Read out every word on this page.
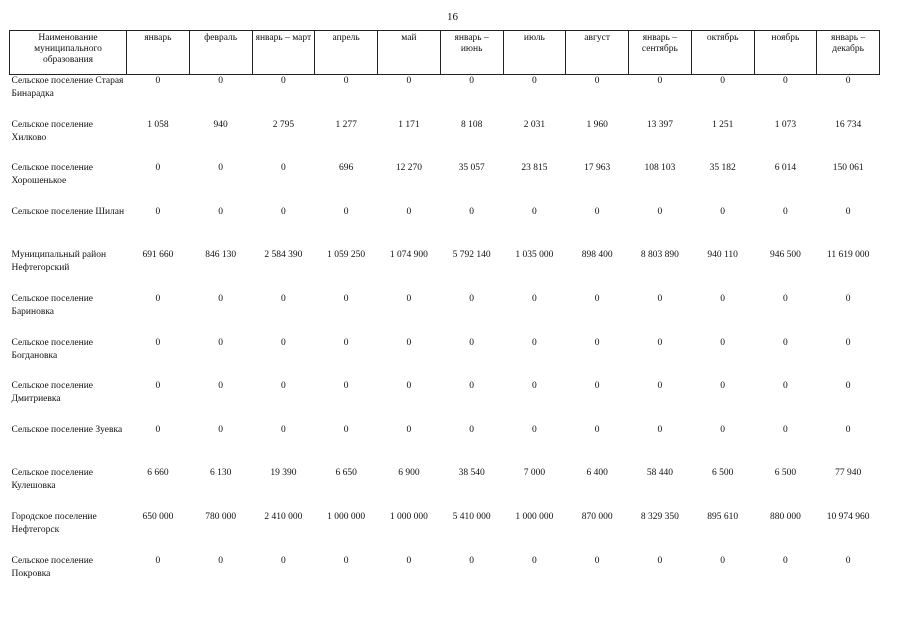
16
Наименование муниципального образования	январь	февраль	январь – март	апрель	май	январь – июнь	июль	август	январь – сентябрь	октябрь	ноябрь	январь – декабрь
Сельское поселение Старая Бинарадка	0	0	0	0	0	0	0	0	0	0	0	0
Сельское поселение Хилково	1 058	940	2 795	1 277	1 171	8 108	2 031	1 960	13 397	1 251	1 073	16 734
Сельское поселение Хорошенькое	0	0	0	696	12 270	35 057	23 815	17 963	108 103	35 182	6 014	150 061
Сельское поселение Шилан	0	0	0	0	0	0	0	0	0	0	0	0
Муниципальный район Нефтегорский	691 660	846 130	2 584 390	1 059 250	1 074 900	5 792 140	1 035 000	898 400	8 803 890	940 110	946 500	11 619 000
Сельское поселение Бариновка	0	0	0	0	0	0	0	0	0	0	0	0
Сельское поселение Богдановка	0	0	0	0	0	0	0	0	0	0	0	0
Сельское поселение Дмитриевка	0	0	0	0	0	0	0	0	0	0	0	0
Сельское поселение Зуевка	0	0	0	0	0	0	0	0	0	0	0	0
Сельское поселение Кулешовка	6 660	6 130	19 390	6 650	6 900	38 540	7 000	6 400	58 440	6 500	6 500	77 940
Городское поселение Нефтегорск	650 000	780 000	2 410 000	1 000 000	1 000 000	5 410 000	1 000 000	870 000	8 329 350	895 610	880 000	10 974 960
Сельское поселение Покровка	0	0	0	0	0	0	0	0	0	0	0	0
